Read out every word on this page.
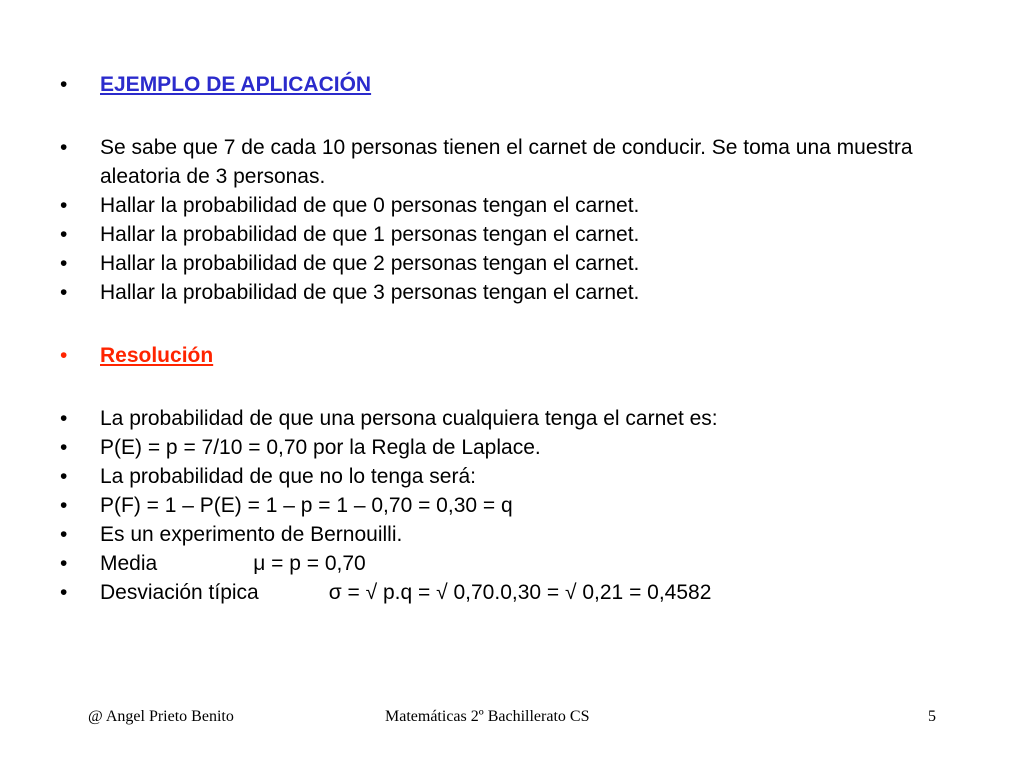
• EJEMPLO DE APLICACIÓN
• Se sabe que 7 de cada 10 personas tienen el carnet de conducir. Se toma una muestra aleatoria de 3 personas.
• Hallar la probabilidad de que 0 personas tengan el carnet.
• Hallar la probabilidad de que 1 personas tengan el carnet.
• Hallar la probabilidad de que 2 personas tengan el carnet.
• Hallar la probabilidad de que 3 personas tengan el carnet.
• Resolución
• La probabilidad de que una persona cualquiera tenga el carnet es:
• P(E) = p = 7/10 = 0,70 por la Regla de Laplace.
• La probabilidad de que no lo tenga será:
• P(F) = 1 – P(E) = 1 – p = 1 – 0,70 = 0,30 = q
• Es un experimento de Bernouilli.
• Media	μ = p = 0,70
• Desviación típica	σ = √ p.q = √ 0,70.0,30 = √ 0,21 = 0,4582
@ Angel Prieto Benito	Matemáticas 2º Bachillerato CS	5
